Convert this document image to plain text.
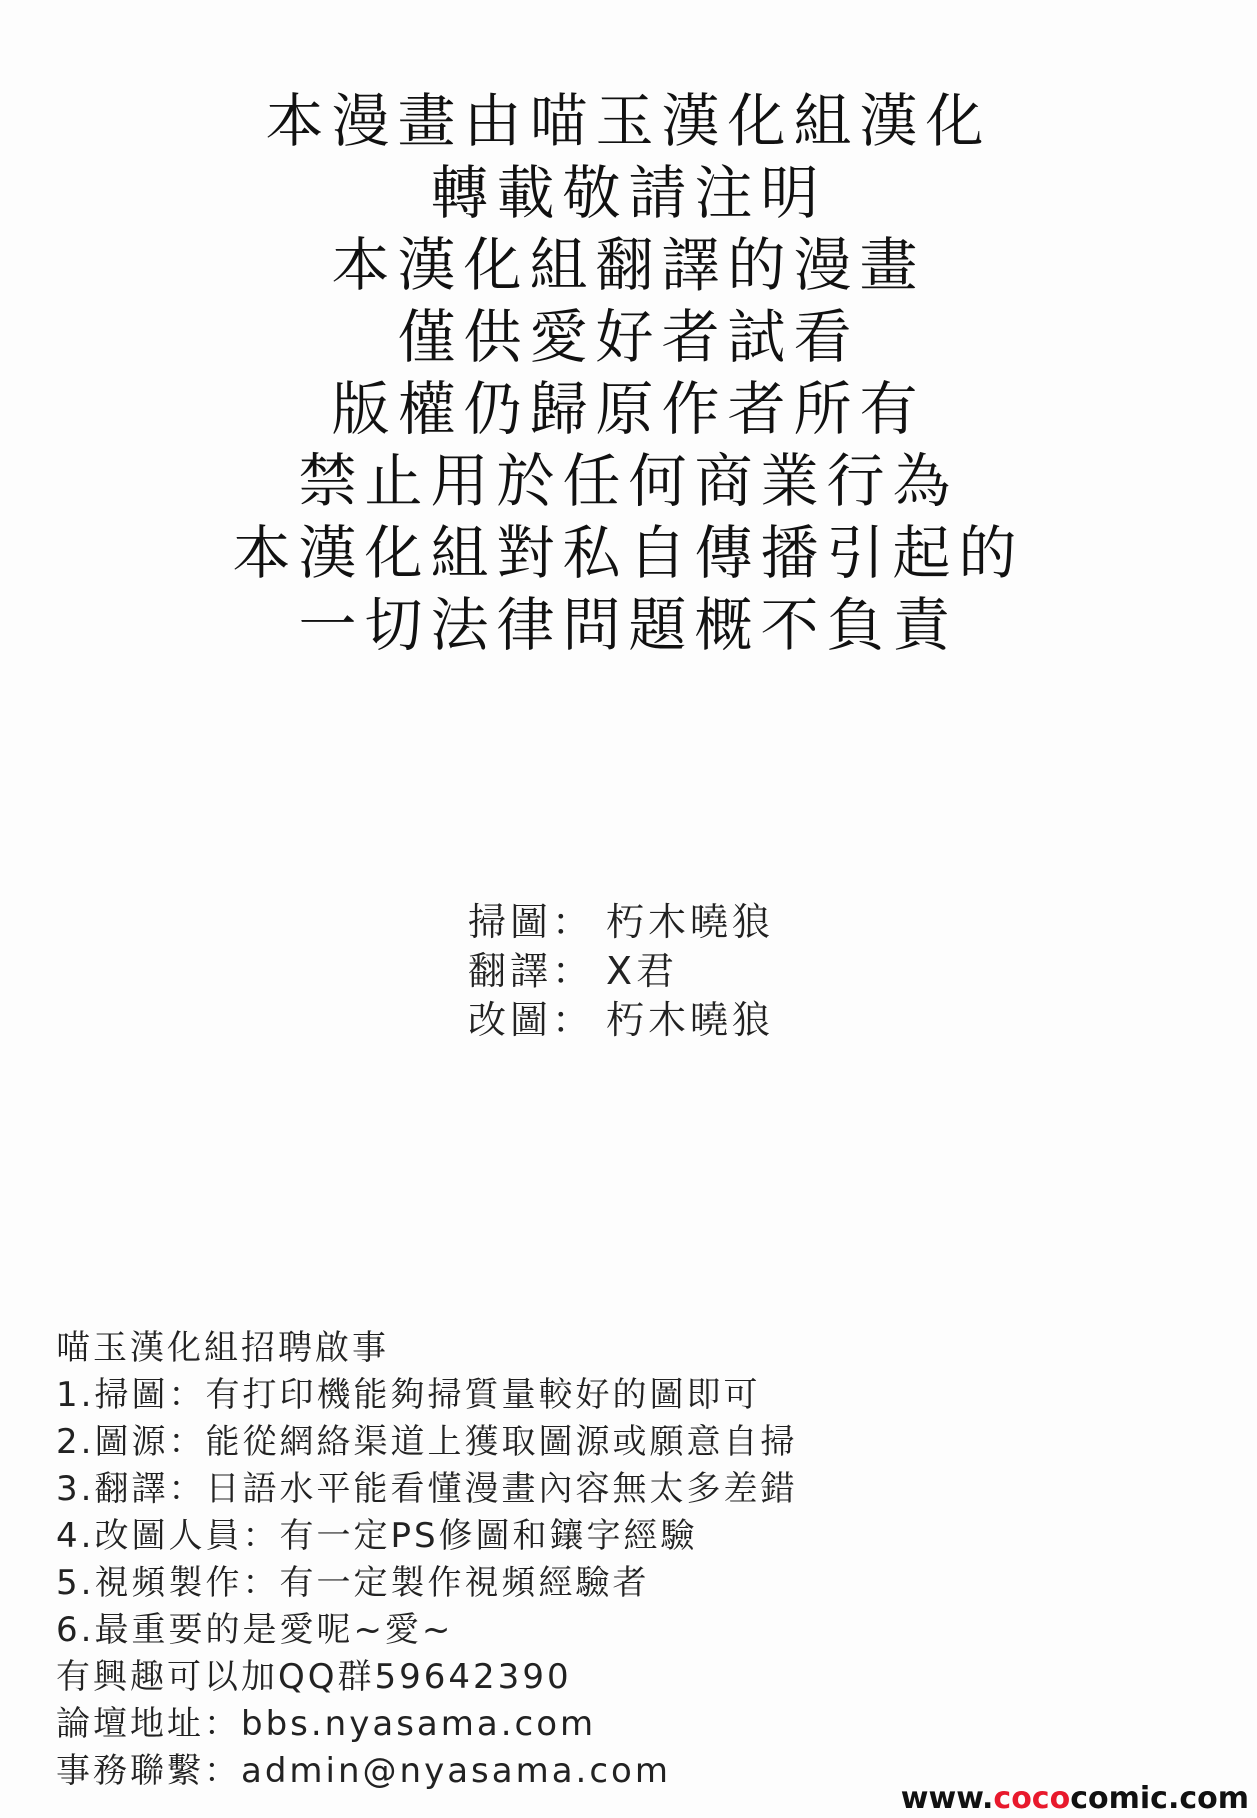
本漫畫由喵玉漢化組漢化
轉載敬請注明
本漢化組翻譯的漫畫
僅供愛好者試看
版權仍歸原作者所有
禁止用於任何商業行為
本漢化組對私自傳播引起的
一切法律問題概不負責
掃圖： 朽木曉狼
翻譯： X君
改圖： 朽木曉狼
喵玉漢化組招聘啟事
1.掃圖：有打印機能夠掃質量較好的圖即可
2.圖源：能從網絡渠道上獲取圖源或願意自掃
3.翻譯：日語水平能看懂漫畫內容無太多差錯
4.改圖人員：有一定PS修圖和鑲字經驗
5.視頻製作：有一定製作視頻經驗者
6.最重要的是愛呢~愛~
有興趣可以加QQ群59642390
論壇地址：bbs.nyasama.com
事務聯繫：admin@nyasama.com
www.cococomic.com
